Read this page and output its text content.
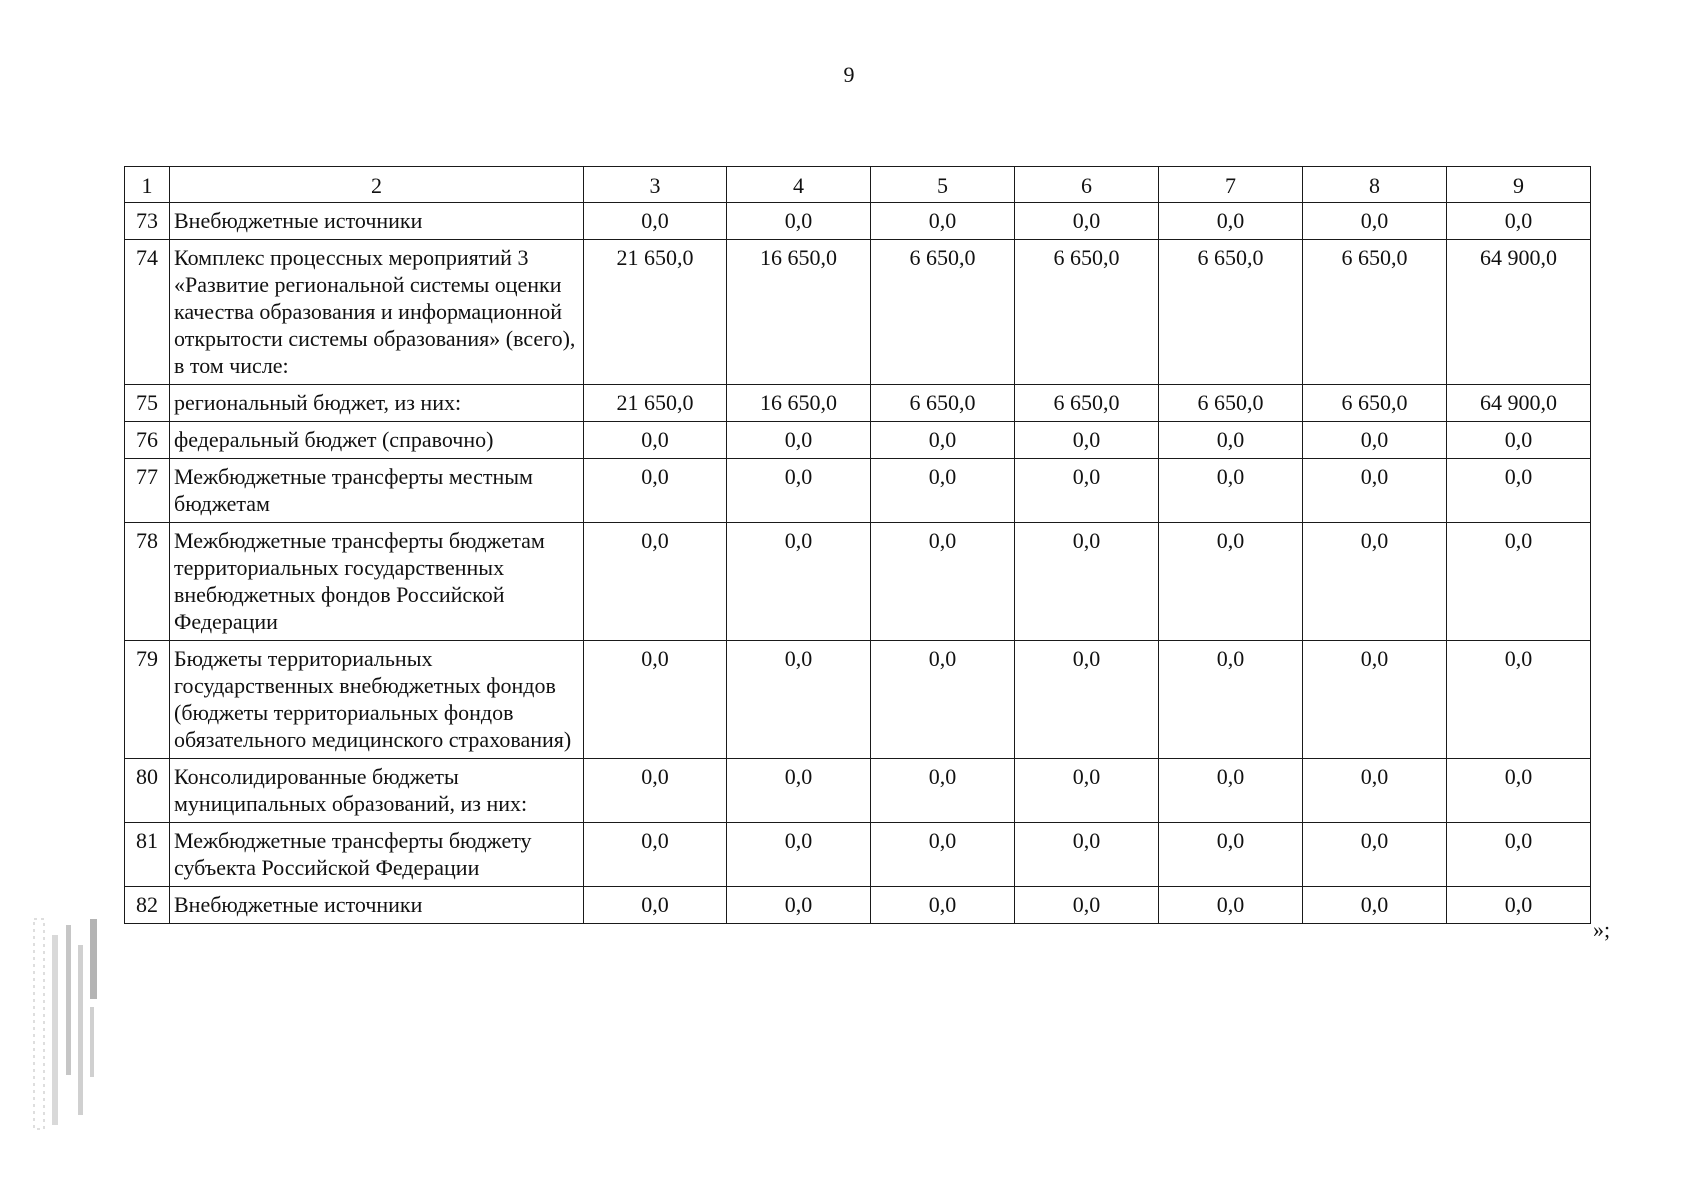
9
1	2	3	4	5	6	7	8	9
73	Внебюджетные источники	0,0	0,0	0,0	0,0	0,0	0,0	0,0
74	Комплекс процессных мероприятий 3 «Развитие региональной системы оценки качества образования и информационной открытости системы образования» (всего), в том числе:	21 650,0	16 650,0	6 650,0	6 650,0	6 650,0	6 650,0	64 900,0
75	региональный бюджет, из них:	21 650,0	16 650,0	6 650,0	6 650,0	6 650,0	6 650,0	64 900,0
76	федеральный бюджет (справочно)	0,0	0,0	0,0	0,0	0,0	0,0	0,0
77	Межбюджетные трансферты местным бюджетам	0,0	0,0	0,0	0,0	0,0	0,0	0,0
78	Межбюджетные трансферты бюджетам территориальных государственных внебюджетных фондов Российской Федерации	0,0	0,0	0,0	0,0	0,0	0,0	0,0
79	Бюджеты территориальных государственных внебюджетных фондов (бюджеты территориальных фондов обязательного медицинского страхования)	0,0	0,0	0,0	0,0	0,0	0,0	0,0
80	Консолидированные бюджеты муниципальных образований, из них:	0,0	0,0	0,0	0,0	0,0	0,0	0,0
81	Межбюджетные трансферты бюджету субъекта Российской Федерации	0,0	0,0	0,0	0,0	0,0	0,0	0,0
82	Внебюджетные источники	0,0	0,0	0,0	0,0	0,0	0,0	0,0
»;
